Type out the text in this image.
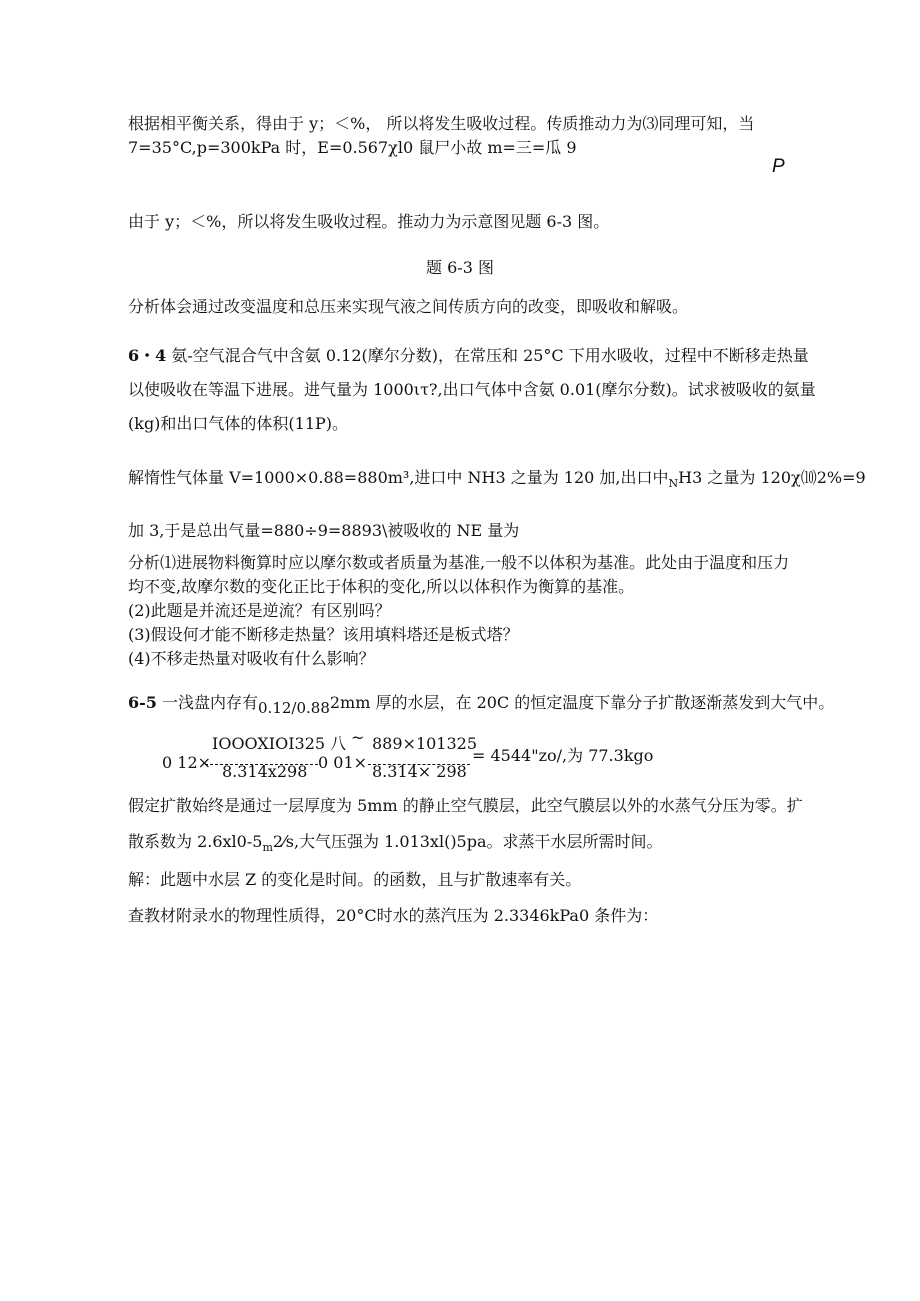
根据相平衡关系，得由于 y；＜%， 所以将发生吸收过程。传质推动力为⑶同理可知，当
7=35°C,p=300kPa 时，E=0.567χl0 鼠尸小故 m=三=瓜 9
P
由于 y；＜%，所以将发生吸收过程。推动力为示意图见题 6-3 图。
题 6-3 图
分析体会通过改变温度和总压来实现气液之间传质方向的改变，即吸收和解吸。
6・4 氨-空气混合气中含氨 0.12(摩尔分数)，在常压和 25°C 下用水吸收，过程中不断移走热量
以使吸收在等温下进展。进气量为 1000ιτ?,出口气体中含氨 0.01(摩尔分数)。试求被吸收的氨量
(kg)和出口气体的体积(11P)。
解惰性气体量 V=1000×0.88=880m³,进口中 NH3 之量为 120 加,出口中$_N$H3 之量为 120χ⑽2%=9
加 3,于是总出气量=880÷9=8893\被吸收的 NE 量为
分析⑴进展物料衡算时应以摩尔数或者质量为基准,一般不以体积为基准。此处由于温度和压力
均不变,故摩尔数的变化正比于体积的变化,所以以体积作为衡算的基准。
(2)此题是并流还是逆流？有区别吗？
(3)假设何才能不断移走热量？该用填料塔还是板式塔？
(4)不移走热量对吸收有什么影响？
6-5 一浅盘内存有0.12/0.882mm 厚的水层，在 20C 的恒定温度下靠分子扩散逐渐蒸发到大气中。
0 12×
IOOOXIOI325 八
8.314x298 0 01×
~ 889×101325
8.314× 298
= 4544"zo/,为 77.3kgo
假定扩散始终是通过一层厚度为 5mm 的静止空气膜层，此空气膜层以外的水蒸气分压为零。扩
散系数为 $2.6xl0-5_m2⁄s$,大气压强为 1.013xl()5pa。求蒸干水层所需时间。
解：此题中水层 Z 的变化是时间。的函数，且与扩散速率有关。
查教材附录水的物理性质得，20°C时水的蒸汽压为 2.3346kPa0 条件为：
